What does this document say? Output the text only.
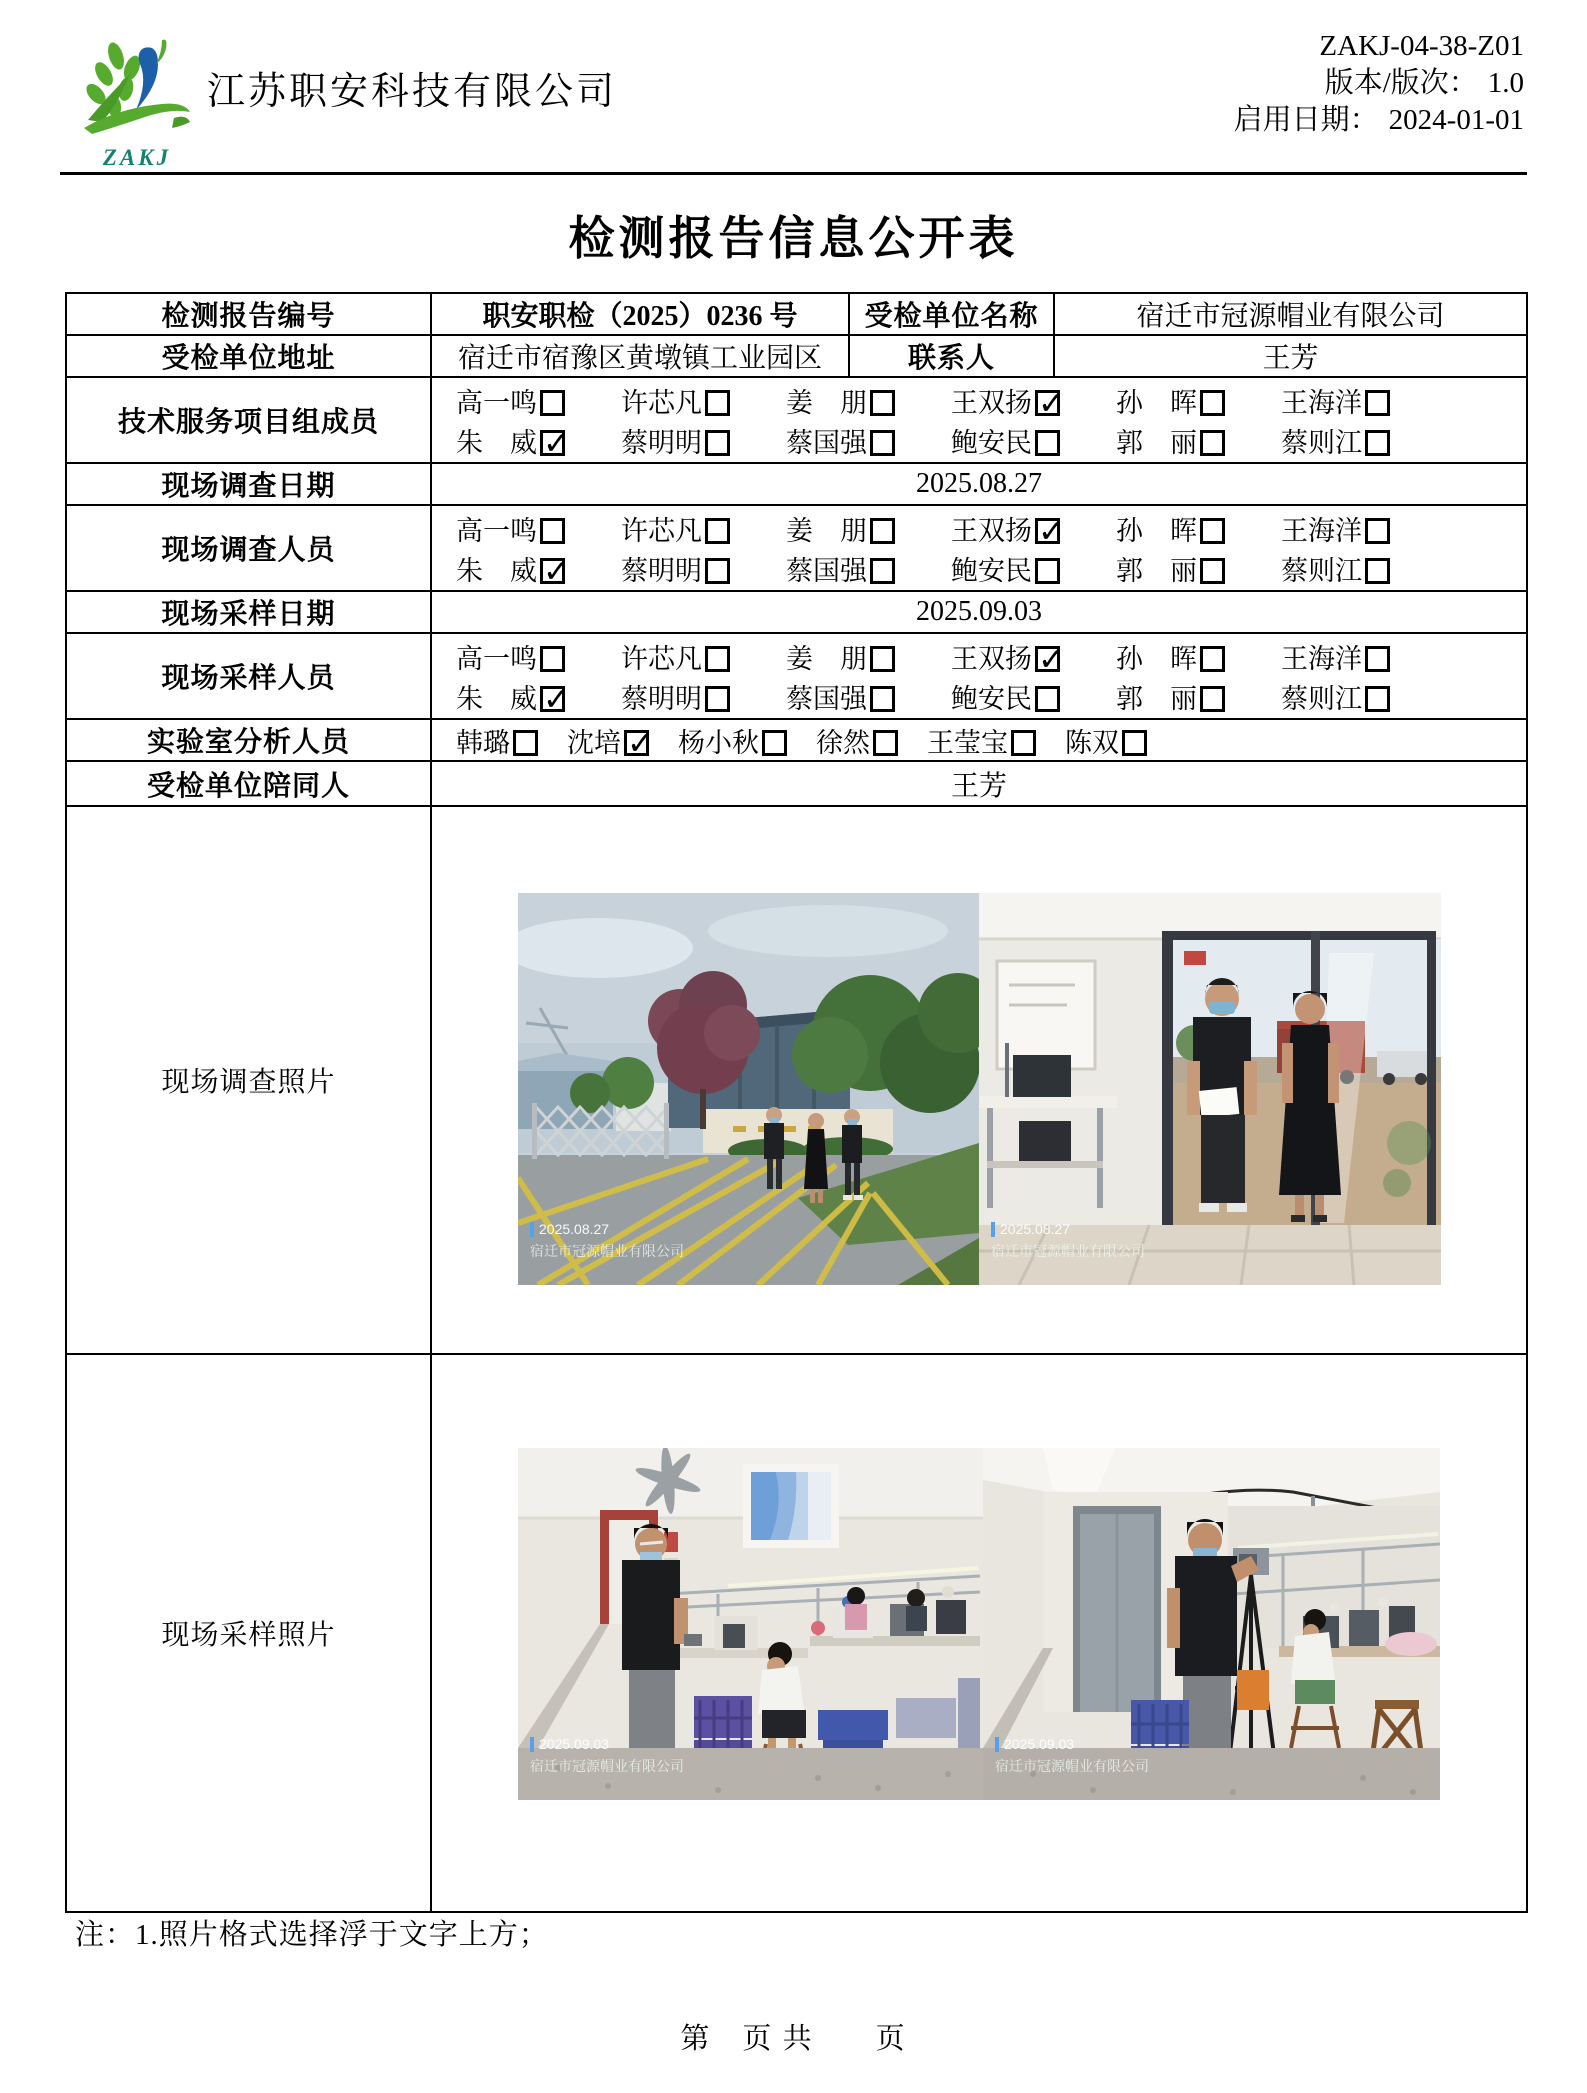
ZAKJ
江苏职安科技有限公司
ZAKJ-04-38-Z01
版本/版次： 1.0
启用日期： 2024-01-01
检测报告信息公开表
检测报告编号	职安职检（2025）0236 号	受检单位名称	宿迁市冠源帽业有限公司
受检单位地址	宿迁市宿豫区黄墩镇工业园区	联系人	王芳
技术服务项目组成员	
高一鸣	许芯凡	姜　朋	王双扬 ✓	孙　晖	王海洋
朱　威 ✓	蔡明明	蔡国强	鲍安民	郭　丽	蔡则江

现场调查日期	2025.08.27		
现场调查人员	
高一鸣	许芯凡	姜　朋	王双扬 ✓	孙　晖	王海洋
朱　威 ✓	蔡明明	蔡国强	鲍安民	郭　丽	蔡则江

现场采样日期	2025.09.03		
现场采样人员	
高一鸣	许芯凡	姜　朋	王双扬 ✓	孙　晖	王海洋
朱　威 ✓	蔡明明	蔡国强	鲍安民	郭　丽	蔡则江

实验室分析人员	韩璐	沈培 ✓	杨小秋	徐然	王莹宝	陈双

受检单位陪同人	王芳		
现场调查照片	2025.08.27
宿迁市冠源帽业有限公司
2025.08.27
宿迁市冠源帽业有限公司		

现场采样照片	2025.09.03
宿迁市冠源帽业有限公司
2025.09.03
宿迁市冠源帽业有限公司		
注：1.照片格式选择浮于文字上方；
第　页 共　　页
